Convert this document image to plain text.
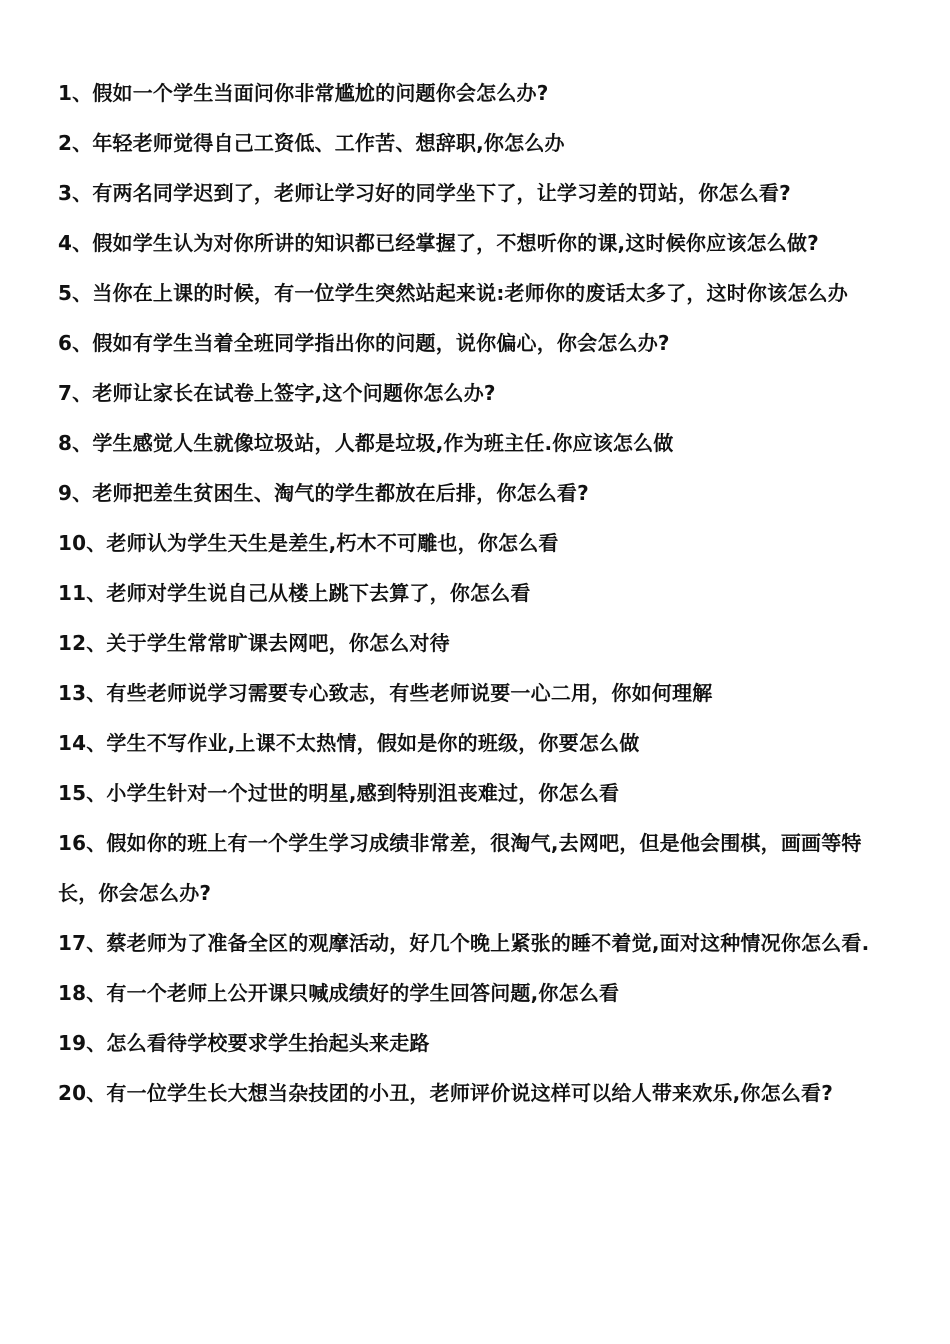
1、假如一个学生当面问你非常尴尬的问题你会怎么办?
2、年轻老师觉得自己工资低、工作苦、想辞职,你怎么办
3、有两名同学迟到了，老师让学习好的同学坐下了，让学习差的罚站，你怎么看?
4、假如学生认为对你所讲的知识都已经掌握了，不想听你的课,这时候你应该怎么做?
5、当你在上课的时候，有一位学生突然站起来说:老师你的废话太多了，这时你该怎么办
6、假如有学生当着全班同学指出你的问题，说你偏心，你会怎么办?
7、老师让家长在试卷上签字,这个问题你怎么办?
8、学生感觉人生就像垃圾站，人都是垃圾,作为班主任.你应该怎么做
9、老师把差生贫困生、淘气的学生都放在后排，你怎么看?
10、老师认为学生天生是差生,朽木不可雕也，你怎么看
11、老师对学生说自己从楼上跳下去算了，你怎么看
12、关于学生常常旷课去网吧，你怎么对待
13、有些老师说学习需要专心致志，有些老师说要一心二用，你如何理解
14、学生不写作业,上课不太热情，假如是你的班级，你要怎么做
15、小学生针对一个过世的明星,感到特别沮丧难过，你怎么看
16、假如你的班上有一个学生学习成绩非常差，很淘气,去网吧，但是他会围棋，画画等特长，你会怎么办?
17、蔡老师为了准备全区的观摩活动，好几个晚上紧张的睡不着觉,面对这种情况你怎么看.
18、有一个老师上公开课只喊成绩好的学生回答问题,你怎么看
19、怎么看待学校要求学生抬起头来走路
20、有一位学生长大想当杂技团的小丑，老师评价说这样可以给人带来欢乐,你怎么看?
